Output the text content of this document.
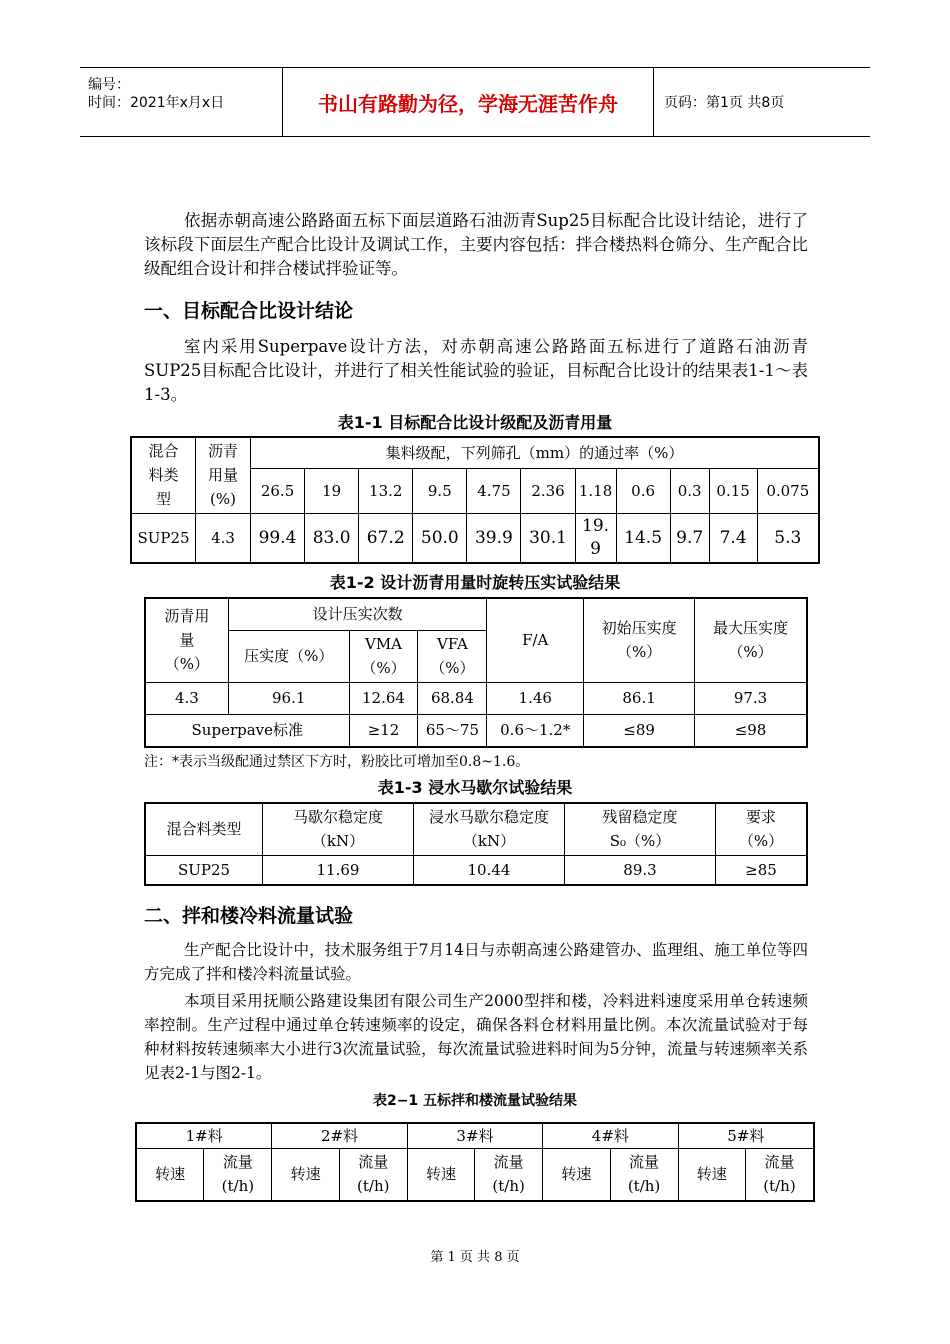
编号：
时间：2021年x月x日	书山有路勤为径，学海无涯苦作舟	页码：第1页 共8页
依据赤朝高速公路路面五标下面层道路石油沥青Sup25目标配合比设计结论，进行了该标段下面层生产配合比设计及调试工作，主要内容包括：拌合楼热料仓筛分、生产配合比级配组合设计和拌合楼试拌验证等。
一、目标配合比设计结论
室内采用Superpave设计方法，对赤朝高速公路路面五标进行了道路石油沥青SUP25目标配合比设计，并进行了相关性能试验的验证，目标配合比设计的结果表1-1～表1-3。
表1-1 目标配合比设计级配及沥青用量
混合料类型	沥青用量(%)	集料级配，下列筛孔（mm）的通过率（%）										
		26.5	19	13.2	9.5	4.75	2.36	1.18	0.6	0.3	0.15	0.075
SUP25	4.3	99.4	83.0	67.2	50.0	39.9	30.1	19.9	14.5	9.7	7.4	5.3
表1-2 设计沥青用量时旋转压实试验结果
沥青用量（%）	设计压实次数			F/A	初始压实度（%）	最大压实度（%）

	压实度（%）	VMA（%）	VFA（%）			

4.3	96.1	12.64	68.84	1.46	86.1	97.3
Superpave标准		≥12	65～75	0.6～1.2*	≤89	≤98
注：*表示当级配通过禁区下方时，粉胶比可增加至0.8~1.6。
表1-3 浸水马歇尔试验结果
混合料类型	马歇尔稳定度（kN）	浸水马歇尔稳定度（kN）	残留稳定度S₀（%）	要求（%）

SUP25	11.69	10.44	89.3	≥85
二、拌和楼冷料流量试验
生产配合比设计中，技术服务组于7月14日与赤朝高速公路建管办、监理组、施工单位等四方完成了拌和楼冷料流量试验。
本项目采用抚顺公路建设集团有限公司生产2000型拌和楼，冷料进料速度采用单仓转速频率控制。生产过程中通过单仓转速频率的设定，确保各料仓材料用量比例。本次流量试验对于每种材料按转速频率大小进行3次流量试验，每次流量试验进料时间为5分钟，流量与转速频率关系见表2-1与图2-1。
表2−1 五标拌和楼流量试验结果
1#料		2#料		3#料		4#料		5#料	
转速	流量(t/h)	转速	流量(t/h)	转速	流量(t/h)	转速	流量(t/h)	转速	流量(t/h)
第 1 页 共 8 页
